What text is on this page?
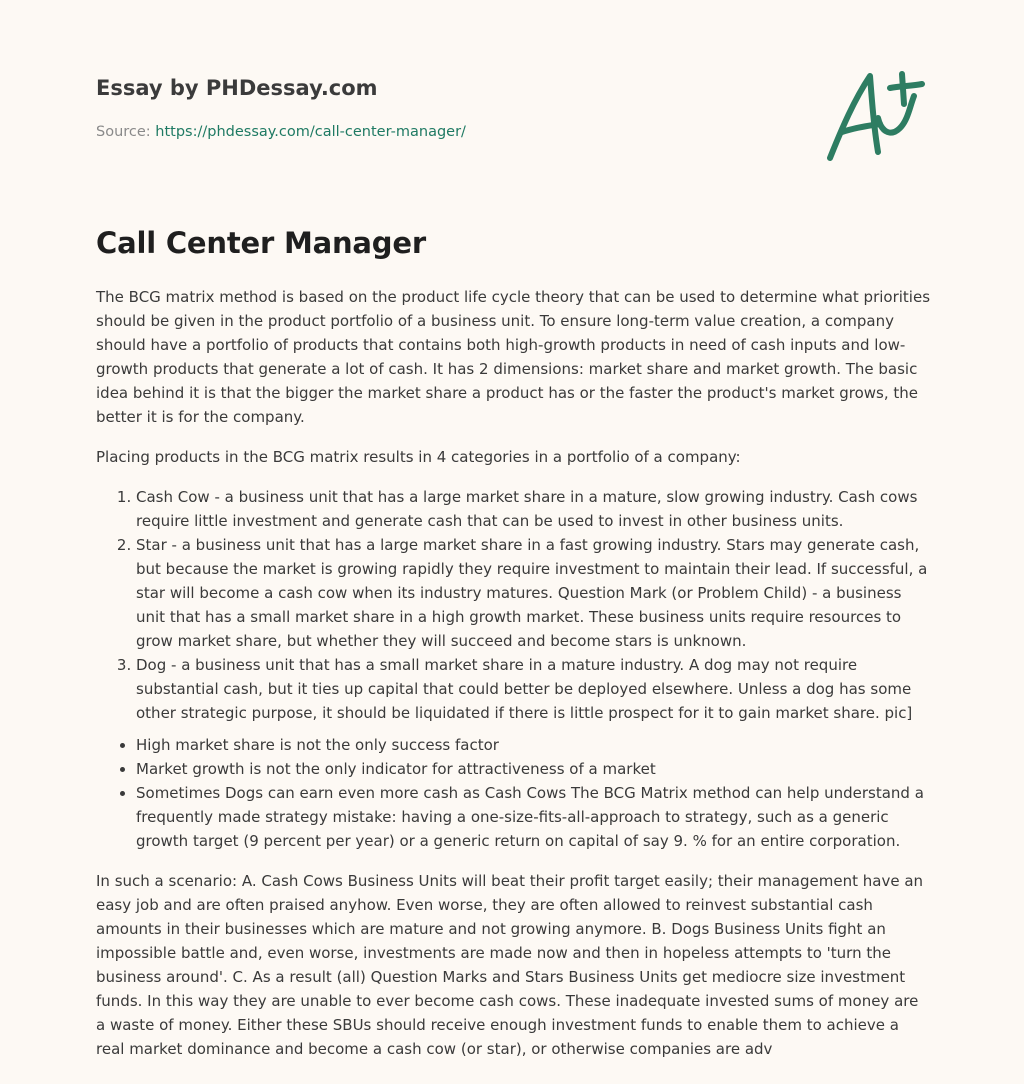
Essay by PHDessay.com
Source: https://phdessay.com/call-center-manager/
Call Center Manager

The BCG matrix method is based on the product life cycle theory that can be used to determine what priorities should be given in the product portfolio of a business unit. To ensure long-term value creation, a company should have a portfolio of products that contains both high-growth products in need of cash inputs and low-growth products that generate a lot of cash. It has 2 dimensions: market share and market growth. The basic idea behind it is that the bigger the market share a product has or the faster the product's market grows, the better it is for the company.

Placing products in the BCG matrix results in 4 categories in a portfolio of a company:

1. Cash Cow - a business unit that has a large market share in a mature, slow growing industry. Cash cows require little investment and generate cash that can be used to invest in other business units.
2. Star - a business unit that has a large market share in a fast growing industry. Stars may generate cash, but because the market is growing rapidly they require investment to maintain their lead. If successful, a star will become a cash cow when its industry matures. Question Mark (or Problem Child) - a business unit that has a small market share in a high growth market. These business units require resources to grow market share, but whether they will succeed and become stars is unknown.
3. Dog - a business unit that has a small market share in a mature industry. A dog may not require substantial cash, but it ties up capital that could better be deployed elsewhere. Unless a dog has some other strategic purpose, it should be liquidated if there is little prospect for it to gain market share. pic]
• High market share is not the only success factor
• Market growth is not the only indicator for attractiveness of a market
• Sometimes Dogs can earn even more cash as Cash Cows The BCG Matrix method can help understand a frequently made strategy mistake: having a one-size-fits-all-approach to strategy, such as a generic growth target (9 percent per year) or a generic return on capital of say 9. % for an entire corporation.

In such a scenario: A. Cash Cows Business Units will beat their profit target easily; their management have an easy job and are often praised anyhow. Even worse, they are often allowed to reinvest substantial cash amounts in their businesses which are mature and not growing anymore. B. Dogs Business Units fight an impossible battle and, even worse, investments are made now and then in hopeless attempts to 'turn the business around'. C. As a result (all) Question Marks and Stars Business Units get mediocre size investment funds. In this way they are unable to ever become cash cows. These inadequate invested sums of money are a waste of money. Either these SBUs should receive enough investment funds to enable them to achieve a real market dominance and become a cash cow (or star), or otherwise companies are adv
